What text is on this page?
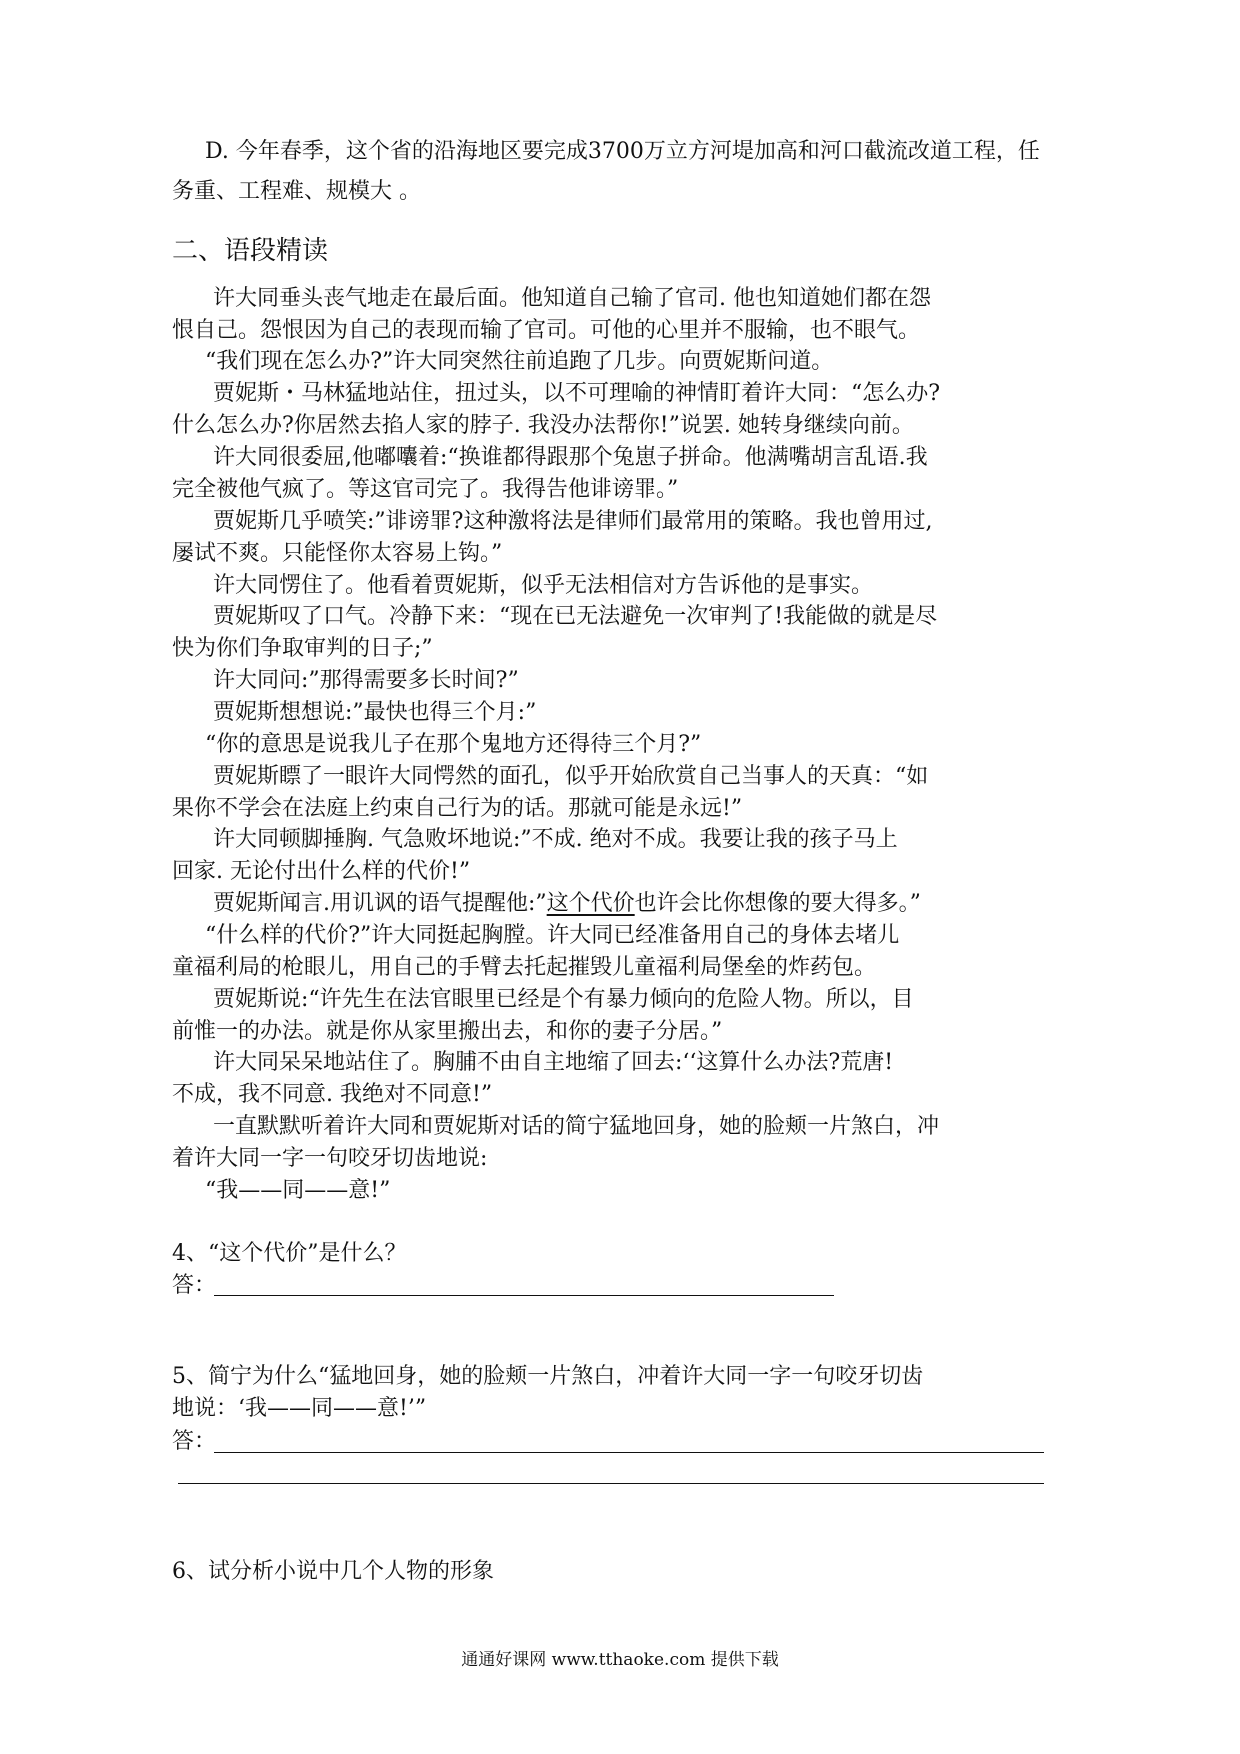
D. 今年春季，这个省的沿海地区要完成3700万立方河堤加高和河口截流改道工程，任
务重、工程难、规模大 。
二、语段精读
许大同垂头丧气地走在最后面。他知道自己输了官司. 他也知道她们都在怨
恨自己。怨恨因为自己的表现而输了官司。可他的心里并不服输，也不眼气。
“我们现在怎么办?”许大同突然往前追跑了几步。向贾妮斯问道。
贾妮斯・马林猛地站住，扭过头，以不可理喻的神情盯着许大同：“怎么办?
什么怎么办?你居然去掐人家的脖子. 我没办法帮你!”说罢. 她转身继续向前。
许大同很委屈,他嘟囔着:“换谁都得跟那个兔崽子拼命。他满嘴胡言乱语.我
完全被他气疯了。等这官司完了。我得告他诽谤罪。”
贾妮斯几乎喷笑:”诽谤罪?这种激将法是律师们最常用的策略。我也曾用过,
屡试不爽。只能怪你太容易上钩。”
许大同愣住了。他看着贾妮斯，似乎无法相信对方告诉他的是事实。
贾妮斯叹了口气。冷静下来：“现在已无法避免一次审判了!我能做的就是尽
快为你们争取审判的日子;”
许大同问:”那得需要多长时间?”
贾妮斯想想说:”最快也得三个月:”
“你的意思是说我儿子在那个鬼地方还得待三个月?”
贾妮斯瞟了一眼许大同愕然的面孔，似乎开始欣赏自己当事人的天真：“如
果你不学会在法庭上约束自己行为的话。那就可能是永远!”
许大同顿脚捶胸. 气急败坏地说:”不成. 绝对不成。我要让我的孩子马上
回家. 无论付出什么样的代价!”
贾妮斯闻言.用讥讽的语气提醒他:”这个代价也许会比你想像的要大得多。”
“什么样的代价?”许大同挺起胸膛。许大同已经准备用自己的身体去堵儿
童福利局的枪眼儿，用自己的手臂去托起摧毁儿童福利局堡垒的炸药包。
贾妮斯说:“许先生在法官眼里已经是个有暴力倾向的危险人物。所以，目
前惟一的办法。就是你从家里搬出去，和你的妻子分居。”
许大同呆呆地站住了。胸脯不由自主地缩了回去:‘‘这算什么办法?荒唐!
不成，我不同意. 我绝对不同意!”
一直默默听着许大同和贾妮斯对话的简宁猛地回身，她的脸颊一片煞白，冲
着许大同一字一句咬牙切齿地说:
“我——同——意!”
4、“这个代价”是什么？
答：
5、简宁为什么“猛地回身，她的脸颊一片煞白，冲着许大同一字一句咬牙切齿
地说：‘我——同——意!’”
答：
6、试分析小说中几个人物的形象
通通好课网 www.tthaoke.com 提供下载
